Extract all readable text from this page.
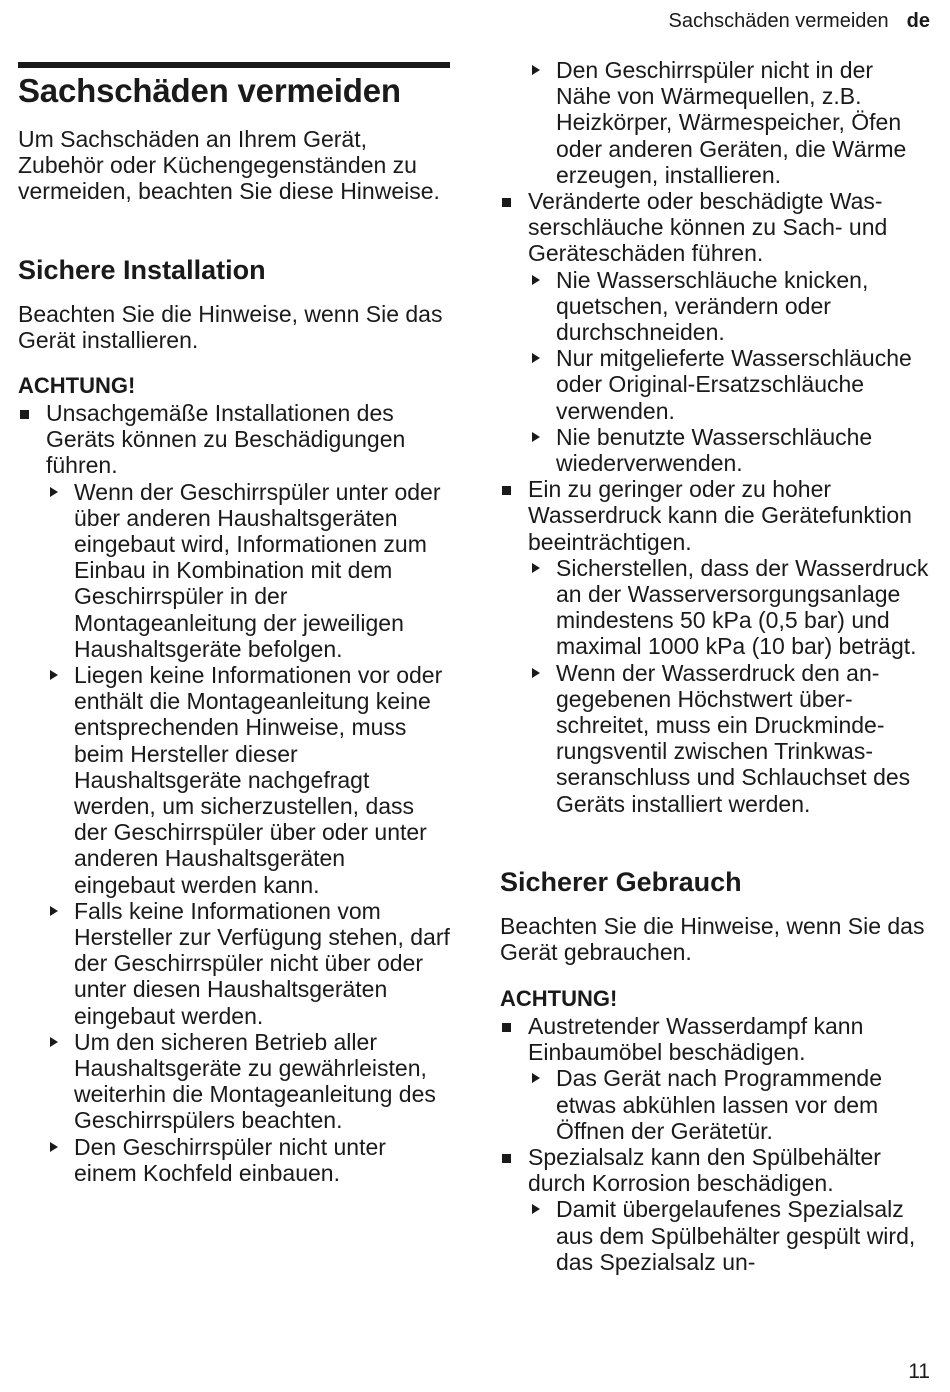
Sachschäden vermeiden de
Sachschäden vermeiden

Um Sachschäden an Ihrem Gerät, Zubehör oder Küchengegenständen zu vermeiden, beachten Sie diese Hinweise.

Sichere Installation

Beachten Sie die Hinweise, wenn Sie das Gerät installieren.

ACHTUNG!

Unsachgemäße Installationen des Geräts können zu Beschädigungen führen.
Wenn der Geschirrspüler unter oder über anderen Haushaltsgeräten eingebaut wird, Informationen zum Einbau in Kombination mit dem Geschirrspüler in der Montageanleitung der jeweiligen Haushaltsgeräte befolgen.
Liegen keine Informationen vor oder enthält die Montageanleitung keine entsprechenden Hinweise, muss beim Hersteller dieser Haushaltsgeräte nachgefragt werden, um sicherzustellen, dass der Geschirrspüler über oder unter anderen Haushaltsgeräten eingebaut werden kann.
Falls keine Informationen vom Hersteller zur Verfügung stehen, darf der Geschirrspüler nicht über oder unter diesen Haushaltsgeräten eingebaut werden.
Um den sicheren Betrieb aller Haushaltsgeräte zu gewährleisten, weiterhin die Montageanleitung des Geschirrspülers beachten.
Den Geschirrspüler nicht unter einem Kochfeld einbauen.
Den Geschirrspüler nicht in der Nähe von Wärmequellen, z.B. Heizkörper, Wärmespeicher, Öfen oder anderen Geräten, die Wärme erzeugen, installieren.
Veränderte oder beschädigte Wasserschläuche können zu Sach- und Geräteschäden führen.
Nie Wasserschläuche knicken, quetschen, verändern oder durchschneiden.
Nur mitgelieferte Wasserschläuche oder Original-Ersatzschläuche verwenden.
Nie benutzte Wasserschläuche wiederverwenden.
Ein zu geringer oder zu hoher Wasserdruck kann die Gerätefunktion beeinträchtigen.
Sicherstellen, dass der Wasserdruck an der Wasserversorgungsanlage mindestens 50 kPa (0,5 bar) und maximal 1000 kPa (10 bar) beträgt.
Wenn der Wasserdruck den angegebenen Höchstwert überschreitet, muss ein Druckminderungsventil zwischen Trinkwasseranschluss und Schlauchset des Geräts installiert werden.
Sicherer Gebrauch

Beachten Sie die Hinweise, wenn Sie das Gerät gebrauchen.

ACHTUNG!

Austretender Wasserdampf kann Einbaumöbel beschädigen.
Das Gerät nach Programmende etwas abkühlen lassen vor dem Öffnen der Gerätetür.
Spezialsalz kann den Spülbehälter durch Korrosion beschädigen.
Damit übergelaufenes Spezialsalz aus dem Spülbehälter gespült wird, das Spezialsalz un-
11
